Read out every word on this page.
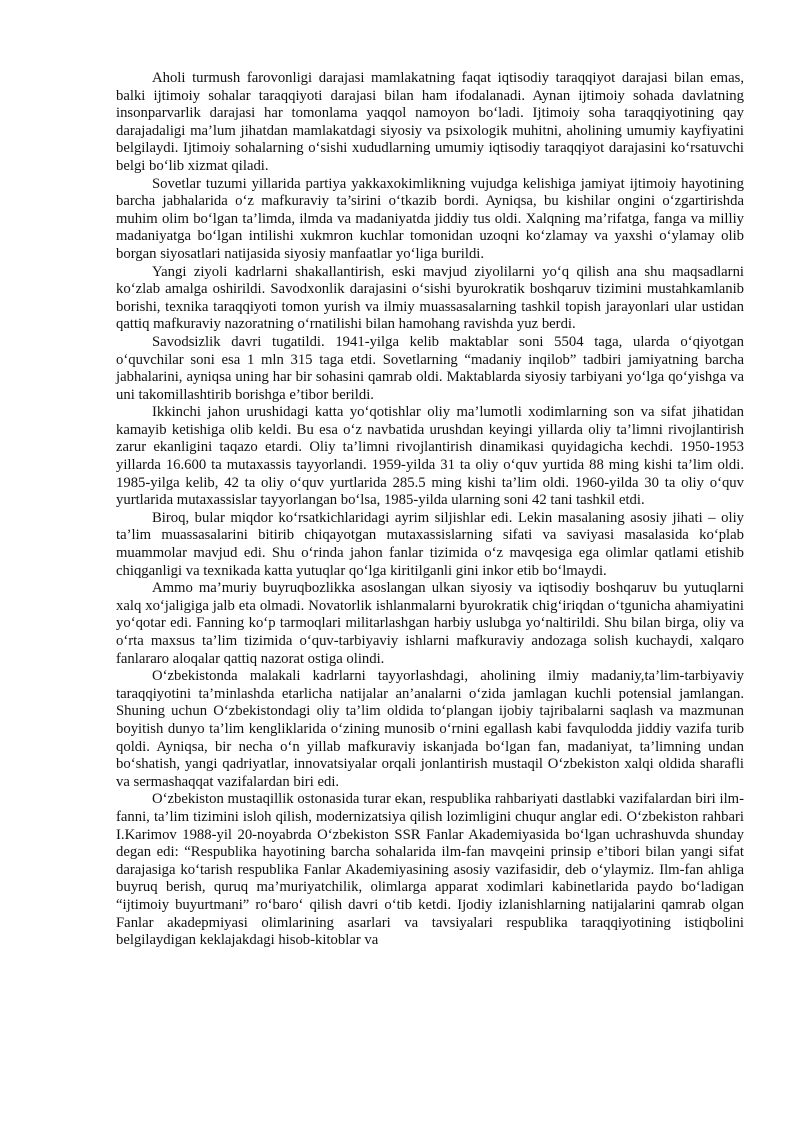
Aholi turmush farovonligi darajasi mamlakatning faqat iqtisodiy taraqqiyot darajasi bilan emas, balki ijtimoiy sohalar taraqqiyoti darajasi bilan ham ifodalanadi. Aynan ijtimoiy sohada davlatning insonparvarlik darajasi har tomonlama yaqqol namoyon bo‘ladi. Ijtimoiy soha taraqqiyotining qay darajadaligi ma’lum jihatdan mamlakatdagi siyosiy va psixologik muhitni, aholining umumiy kayfiyatini belgilaydi. Ijtimoiy sohalarning o‘sishi xududlarning umumiy iqtisodiy taraqqiyot darajasini ko‘rsatuvchi belgi bo‘lib xizmat qiladi.

Sovetlar tuzumi yillarida partiya yakkaxokimlikning vujudga kelishiga jamiyat ijtimoiy hayotining barcha jabhalarida o‘z mafkuraviy ta’sirini o‘tkazib bordi. Ayniqsa, bu kishilar ongini o‘zgartirishda muhim olim bo‘lgan ta’limda, ilmda va madaniyatda jiddiy tus oldi. Xalqning ma’rifatga, fanga va milliy madaniyatga bo‘lgan intilishi xukmron kuchlar tomonidan uzoqni ko‘zlamay va yaxshi o‘ylamay olib borgan siyosatlari natijasida siyosiy manfaatlar yo‘liga burildi.

Yangi ziyoli kadrlarni shakallantirish, eski mavjud ziyolilarni yo‘q qilish ana shu maqsadlarni ko‘zlab amalga oshirildi. Savodxonlik darajasini o‘sishi byurokratik boshqaruv tizimini mustahkamlanib borishi, texnika taraqqiyoti tomon yurish va ilmiy muassasalarning tashkil topish jarayonlari ular ustidan qattiq mafkuraviy nazoratning o‘rnatilishi bilan hamohang ravishda yuz berdi.

Savodsizlik davri tugatildi. 1941-yilga kelib maktablar soni 5504 taga, ularda o‘qiyotgan o‘quvchilar soni esa 1 mln 315 taga etdi. Sovetlarning “madaniy inqilob” tadbiri jamiyatning barcha jabhalarini, ayniqsa uning har bir sohasini qamrab oldi. Maktablarda siyosiy tarbiyani yo‘lga qo‘yishga va uni takomillashtirib borishga e’tibor berildi.

Ikkinchi jahon urushidagi katta yo‘qotishlar oliy ma’lumotli xodimlarning son va sifat jihatidan kamayib ketishiga olib keldi. Bu esa o‘z navbatida urushdan keyingi yillarda oliy ta’limni rivojlantirish zarur ekanligini taqazo etardi. Oliy ta’limni rivojlantirish dinamikasi quyidagicha kechdi. 1950-1953 yillarda 16.600 ta mutaxassis tayyorlandi. 1959-yilda 31 ta oliy o‘quv yurtida 88 ming kishi ta’lim oldi. 1985-yilga kelib, 42 ta oliy o‘quv yurtlarida 285.5 ming kishi ta’lim oldi. 1960-yilda 30 ta oliy o‘quv yurtlarida mutaxassislar tayyorlangan bo‘lsa, 1985-yilda ularning soni 42 tani tashkil etdi.

Biroq, bular miqdor ko‘rsatkichlaridagi ayrim siljishlar edi. Lekin masalaning asosiy jihati – oliy ta’lim muassasalarini bitirib chiqayotgan mutaxassislarning sifati va saviyasi masalasida ko‘plab muammolar mavjud edi. Shu o‘rinda jahon fanlar tizimida o‘z mavqesiga ega olimlar qatlami etishib chiqganligi va texnikada katta yutuqlar qo‘lga kiritilganli gini inkor etib bo‘lmaydi.

Ammo ma’muriy buyruqbozlikka asoslangan ulkan siyosiy va iqtisodiy boshqaruv bu yutuqlarni xalq xo‘jaligiga jalb eta olmadi. Novatorlik ishlanmalarni byurokratik chig‘iriqdan o‘tgunicha ahamiyatini yo‘qotar edi. Fanning ko‘p tarmoqlari militarlashgan harbiy uslubga yo‘naltirildi. Shu bilan birga, oliy va o‘rta maxsus ta’lim tizimida o‘quv-tarbiyaviy ishlarni mafkuraviy andozaga solish kuchaydi, xalqaro fanlararo aloqalar qattiq nazorat ostiga olindi.

O‘zbekistonda malakali kadrlarni tayyorlashdagi, aholining ilmiy madaniy,ta’lim-tarbiyaviy taraqqiyotini ta’minlashda etarlicha natijalar an’analarni o‘zida jamlagan kuchli potensial jamlangan. Shuning uchun O‘zbekistondagi oliy ta’lim oldida to‘plangan ijobiy tajribalarni saqlash va mazmunan boyitish dunyo ta’lim kengliklarida o‘zining munosib o‘rnini egallash kabi favqulodda jiddiy vazifa turib qoldi. Ayniqsa, bir necha o‘n yillab mafkuraviy iskanjada bo‘lgan fan, madaniyat, ta’limning undan bo‘shatish, yangi qadriyatlar, innovatsiyalar orqali jonlantirish mustaqil O‘zbekiston xalqi oldida sharafli va sermashaqqat vazifalardan biri edi.

O‘zbekiston mustaqillik ostonasida turar ekan, respublika rahbariyati dastlabki vazifalardan biri ilm-fanni, ta’lim tizimini isloh qilish, modernizatsiya qilish lozimligini chuqur anglar edi. O‘zbekiston rahbari I.Karimov 1988-yil 20-noyabrda O‘zbekiston SSR Fanlar Akademiyasida bo‘lgan uchrashuvda shunday degan edi: “Respublika hayotining barcha sohalarida ilm-fan mavqeini prinsip e’tibori bilan yangi sifat darajasiga ko‘tarish respublika Fanlar Akademiyasining asosiy vazifasidir, deb o‘ylaymiz. Ilm-fan ahliga buyruq berish, quruq ma’muriyatchilik, olimlarga apparat xodimlari kabinetlarida paydo bo‘ladigan “ijtimoiy buyurtmani” ro‘baro‘ qilish davri o‘tib ketdi. Ijodiy izlanishlarning natijalarini qamrab olgan Fanlar akadepmiyasi olimlarining asarlari va tavsiyalari respublika taraqqiyotining istiqbolini belgilaydigan keklajakdagi hisob-kitoblar va
